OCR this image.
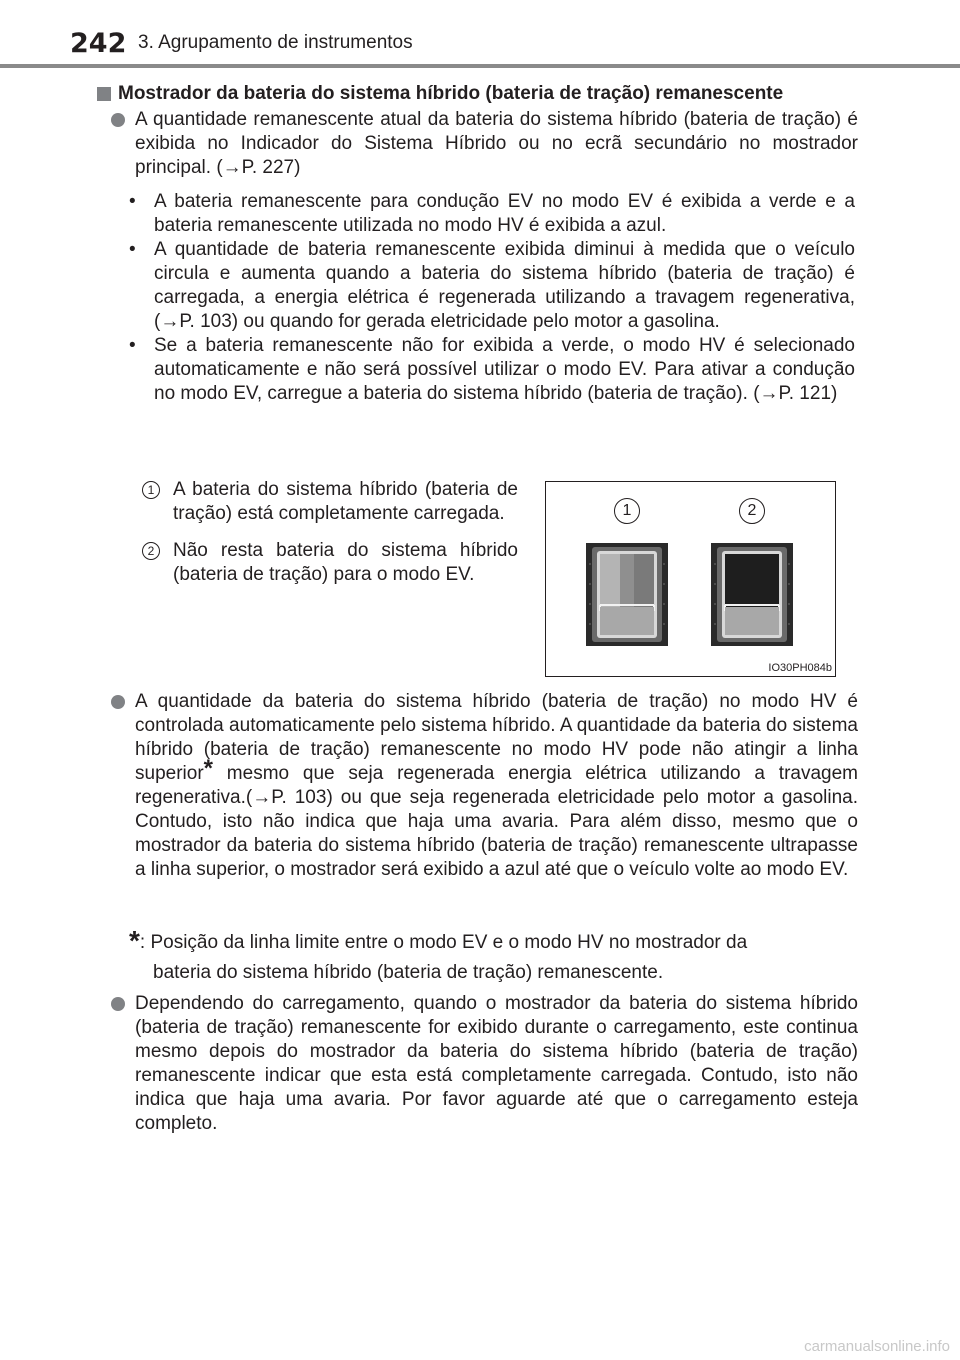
242 3. Agrupamento de instrumentos
Mostrador da bateria do sistema híbrido (bateria de tração) remanescente
A quantidade remanescente atual da bateria do sistema híbrido (bateria de tração) é exibida no Indicador do Sistema Híbrido ou no ecrã secundário no mostrador principal. (→P. 227)
• A bateria remanescente para condução EV no modo EV é exibida a verde e a bateria remanescente utilizada no modo HV é exibida a azul.
• A quantidade de bateria remanescente exibida diminui à medida que o veículo circula e aumenta quando a bateria do sistema híbrido (bateria de tração) é carregada, a energia elétrica é regenerada utilizando a travagem regenerativa, (→P. 103) ou quando for gerada eletricidade pelo motor a gasolina.
• Se a bateria remanescente não for exibida a verde, o modo HV é selecionado automaticamente e não será possível utilizar o modo EV. Para ativar a condução no modo EV, carregue a bateria do sistema híbrido (bateria de tração). (→P. 121)
1 A bateria do sistema híbrido (bateria de tração) está completamente carregada.
2 Não resta bateria do sistema híbrido (bateria de tração) para o modo EV.
1	2
IO30PH084b
A quantidade da bateria do sistema híbrido (bateria de tração) no modo HV é controlada automaticamente pelo sistema híbrido. A quantidade da bateria do sistema híbrido (bateria de tração) remanescente no modo HV pode não atingir a linha superior* mesmo que seja regenerada energia elétrica utilizando a travagem regenerativa.(→P. 103) ou que seja regenerada eletricidade pelo motor a gasolina. Contudo, isto não indica que haja uma avaria. Para além disso, mesmo que o mostrador da bateria do sistema híbrido (bateria de tração) remanescente ultrapasse a linha superior, o mostrador será exibido a azul até que o veículo volte ao modo EV.
*: Posição da linha limite entre o modo EV e o modo HV no mostrador da
bateria do sistema híbrido (bateria de tração) remanescente.
Dependendo do carregamento, quando o mostrador da bateria do sistema híbrido (bateria de tração) remanescente for exibido durante o carregamento, este continua mesmo depois do mostrador da bateria do sistema híbrido (bateria de tração) remanescente indicar que esta está completamente carregada. Contudo, isto não indica que haja uma avaria. Por favor aguarde até que o carregamento esteja completo.
carmanualsonline.info
